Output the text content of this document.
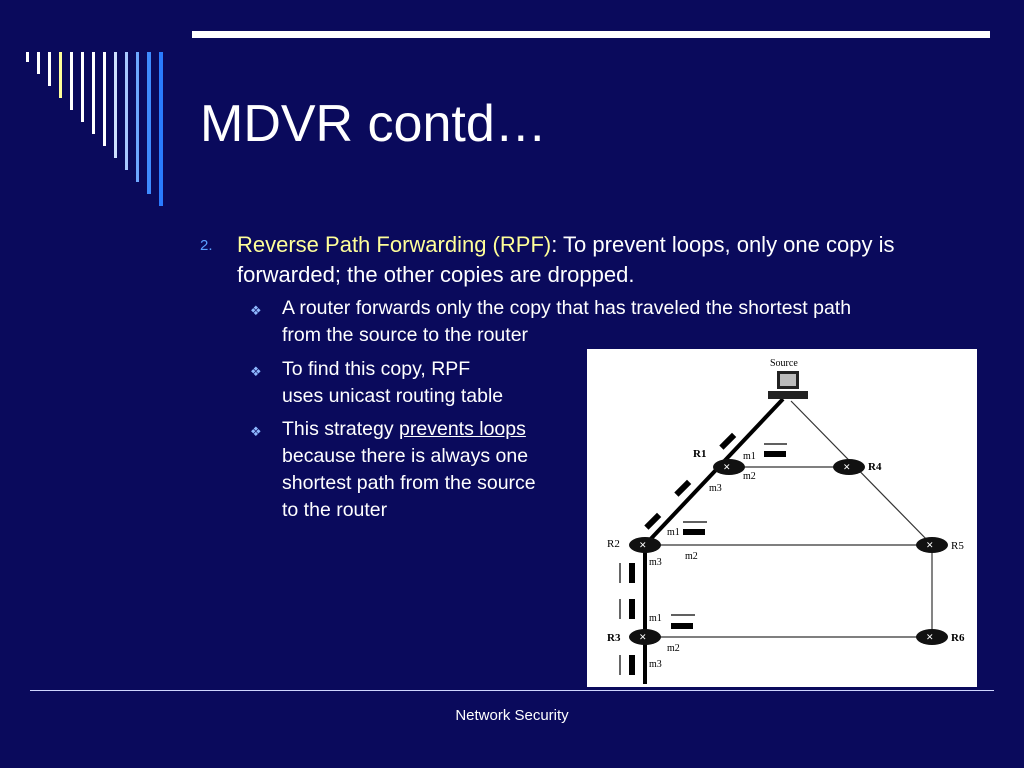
MDVR contd…
2. Reverse Path Forwarding (RPF): To prevent loops, only one copy is forwarded; the other copies are dropped.
❖ A router forwards only the copy that has traveled the shortest path
from the source to the router
❖ To find this copy, RPF
uses unicast routing table
❖ This strategy prevents loops
because there is always one
shortest path from the source
to the router
Source
✕	✕
✕	✕
✕	✕
R1
R2
R3
R4
R5
R6
m1
m2
m3
m1
m2
m3
m1
m2
m3
Network Security
